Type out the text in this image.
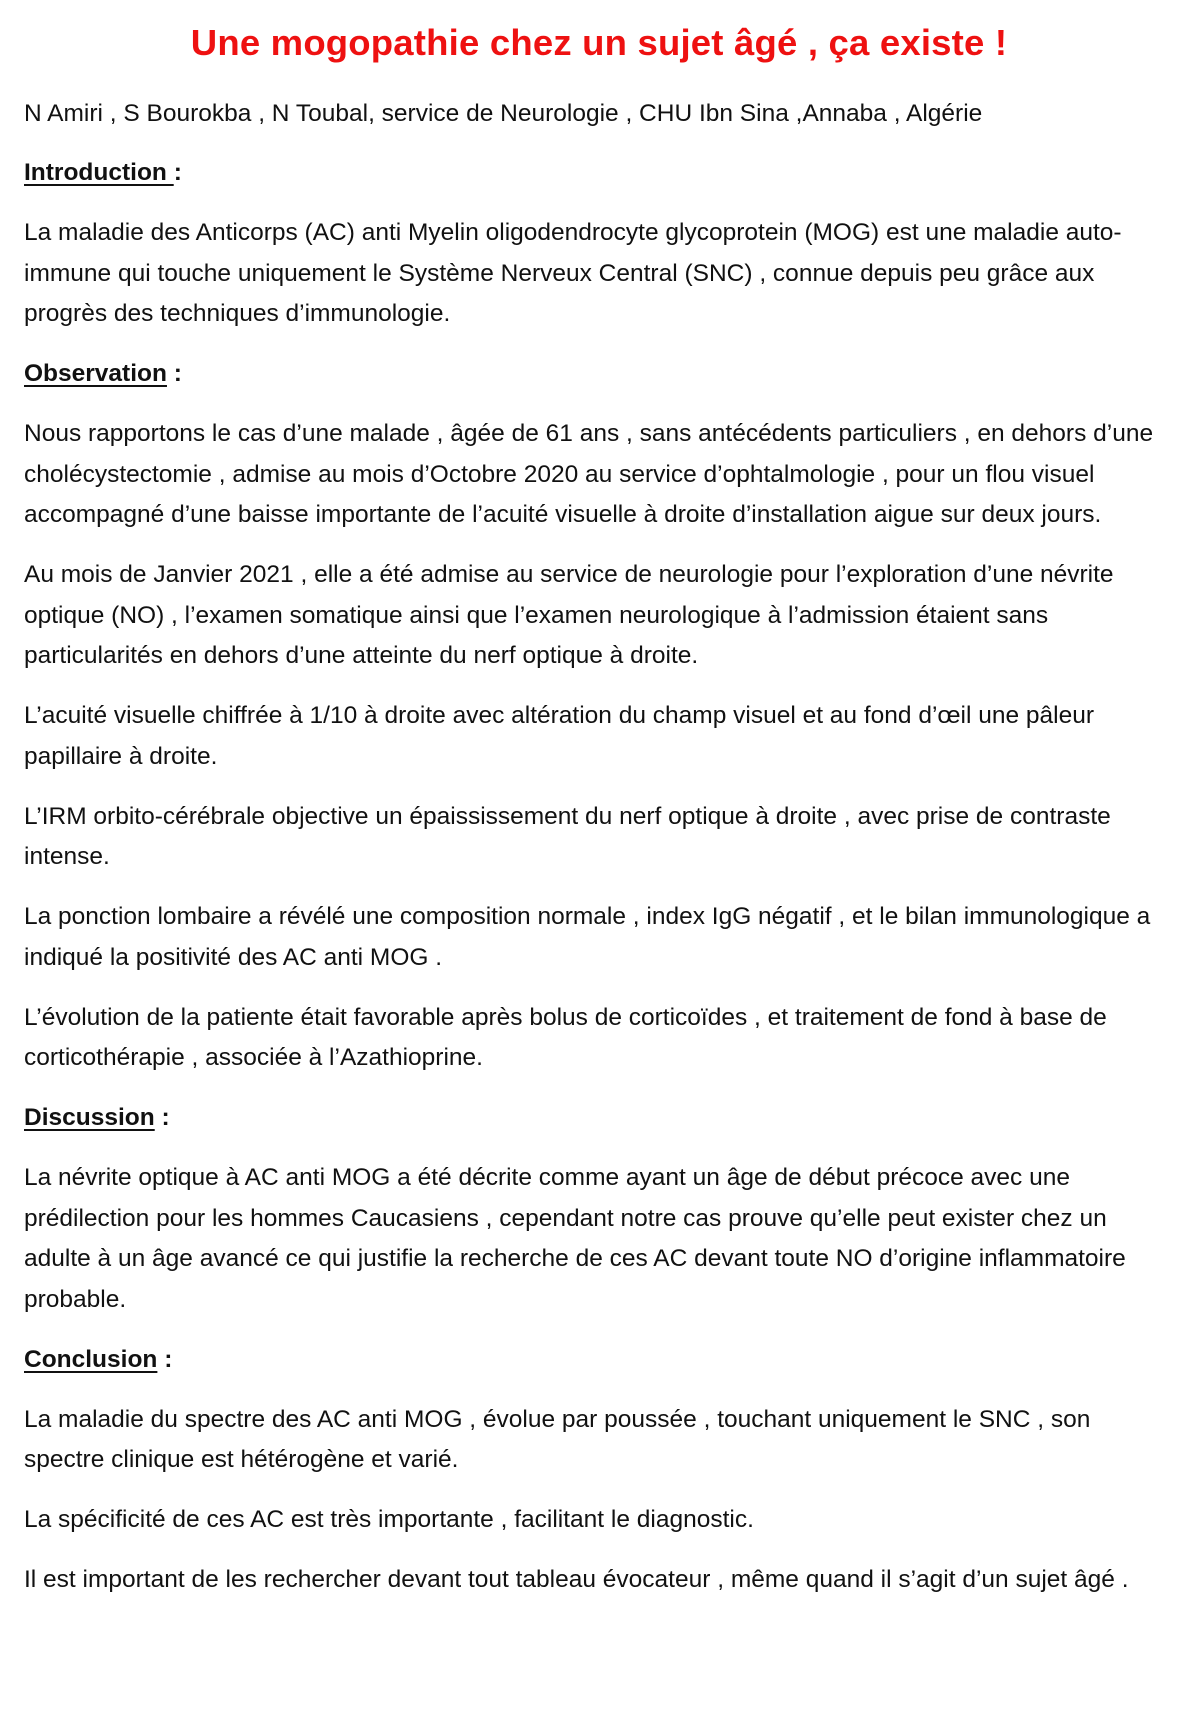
Une mogopathie chez un sujet âgé , ça existe !

N Amiri , S Bourokba , N Toubal, service de Neurologie , CHU Ibn Sina ,Annaba , Algérie

Introduction :

La maladie des Anticorps (AC) anti Myelin oligodendrocyte glycoprotein (MOG) est une maladie auto-immune qui touche uniquement le Système Nerveux Central (SNC) , connue depuis peu grâce aux progrès des techniques d’immunologie.

Observation :

Nous rapportons le cas d’une malade , âgée de 61 ans , sans antécédents particuliers , en dehors d’une cholécystectomie , admise au mois d’Octobre 2020 au service d’ophtalmologie , pour un flou visuel accompagné d’une baisse importante de l’acuité visuelle à droite d’installation aigue sur deux jours.

Au mois de Janvier 2021 , elle a été admise au service de neurologie pour l’exploration d’une névrite optique (NO) , l’examen somatique ainsi que l’examen neurologique à l’admission étaient sans particularités en dehors d’une atteinte du nerf optique à droite.

L’acuité visuelle chiffrée à 1/10 à droite avec altération du champ visuel et au fond d’œil une pâleur papillaire à droite.

L’IRM orbito-cérébrale objective un épaississement du nerf optique à droite , avec prise de contraste intense.

La ponction lombaire a révélé une composition normale , index IgG négatif , et le bilan immunologique a indiqué la positivité des AC anti MOG .

L’évolution de la patiente était favorable après bolus de corticoïdes , et traitement de fond à base de corticothérapie , associée à l’Azathioprine.

Discussion :

La névrite optique à AC anti MOG a été décrite comme ayant un âge de début précoce avec une prédilection pour les hommes Caucasiens , cependant notre cas prouve qu’elle peut exister chez un adulte à un âge avancé ce qui justifie la recherche de ces AC devant toute NO d’origine inflammatoire probable.

Conclusion :

La maladie du spectre des AC anti MOG , évolue par poussée , touchant uniquement le SNC , son spectre clinique est hétérogène et varié.

La spécificité de ces AC est très importante , facilitant le diagnostic.

Il est important de les rechercher devant tout tableau évocateur , même quand il s’agit d’un sujet âgé .
